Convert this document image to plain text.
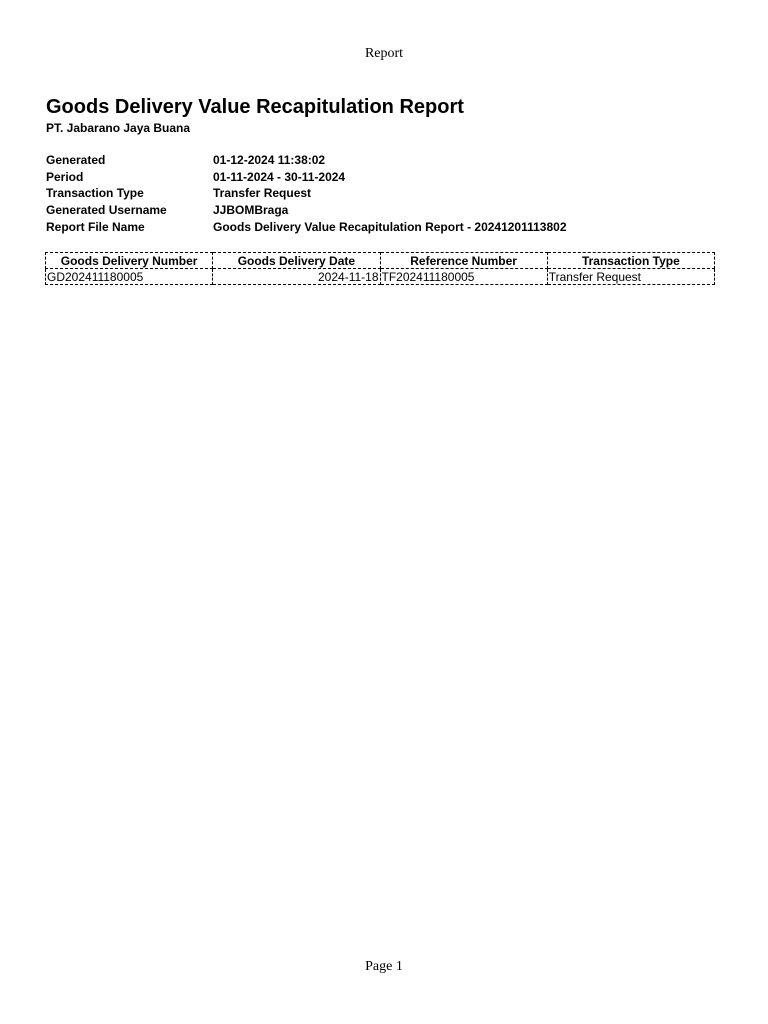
Report
Goods Delivery Value Recapitulation Report
PT. Jabarano Jaya Buana
Generated	01-12-2024 11:38:02
Period	01-11-2024 - 30-11-2024
Transaction Type	Transfer Request
Generated Username	JJBOMBraga
Report File Name	Goods Delivery Value Recapitulation Report - 20241201113802
Goods Delivery Number	Goods Delivery Date	Reference Number	Transaction Type
GD202411180005	2024-11-18	TF202411180005	Transfer Request
Page 1
